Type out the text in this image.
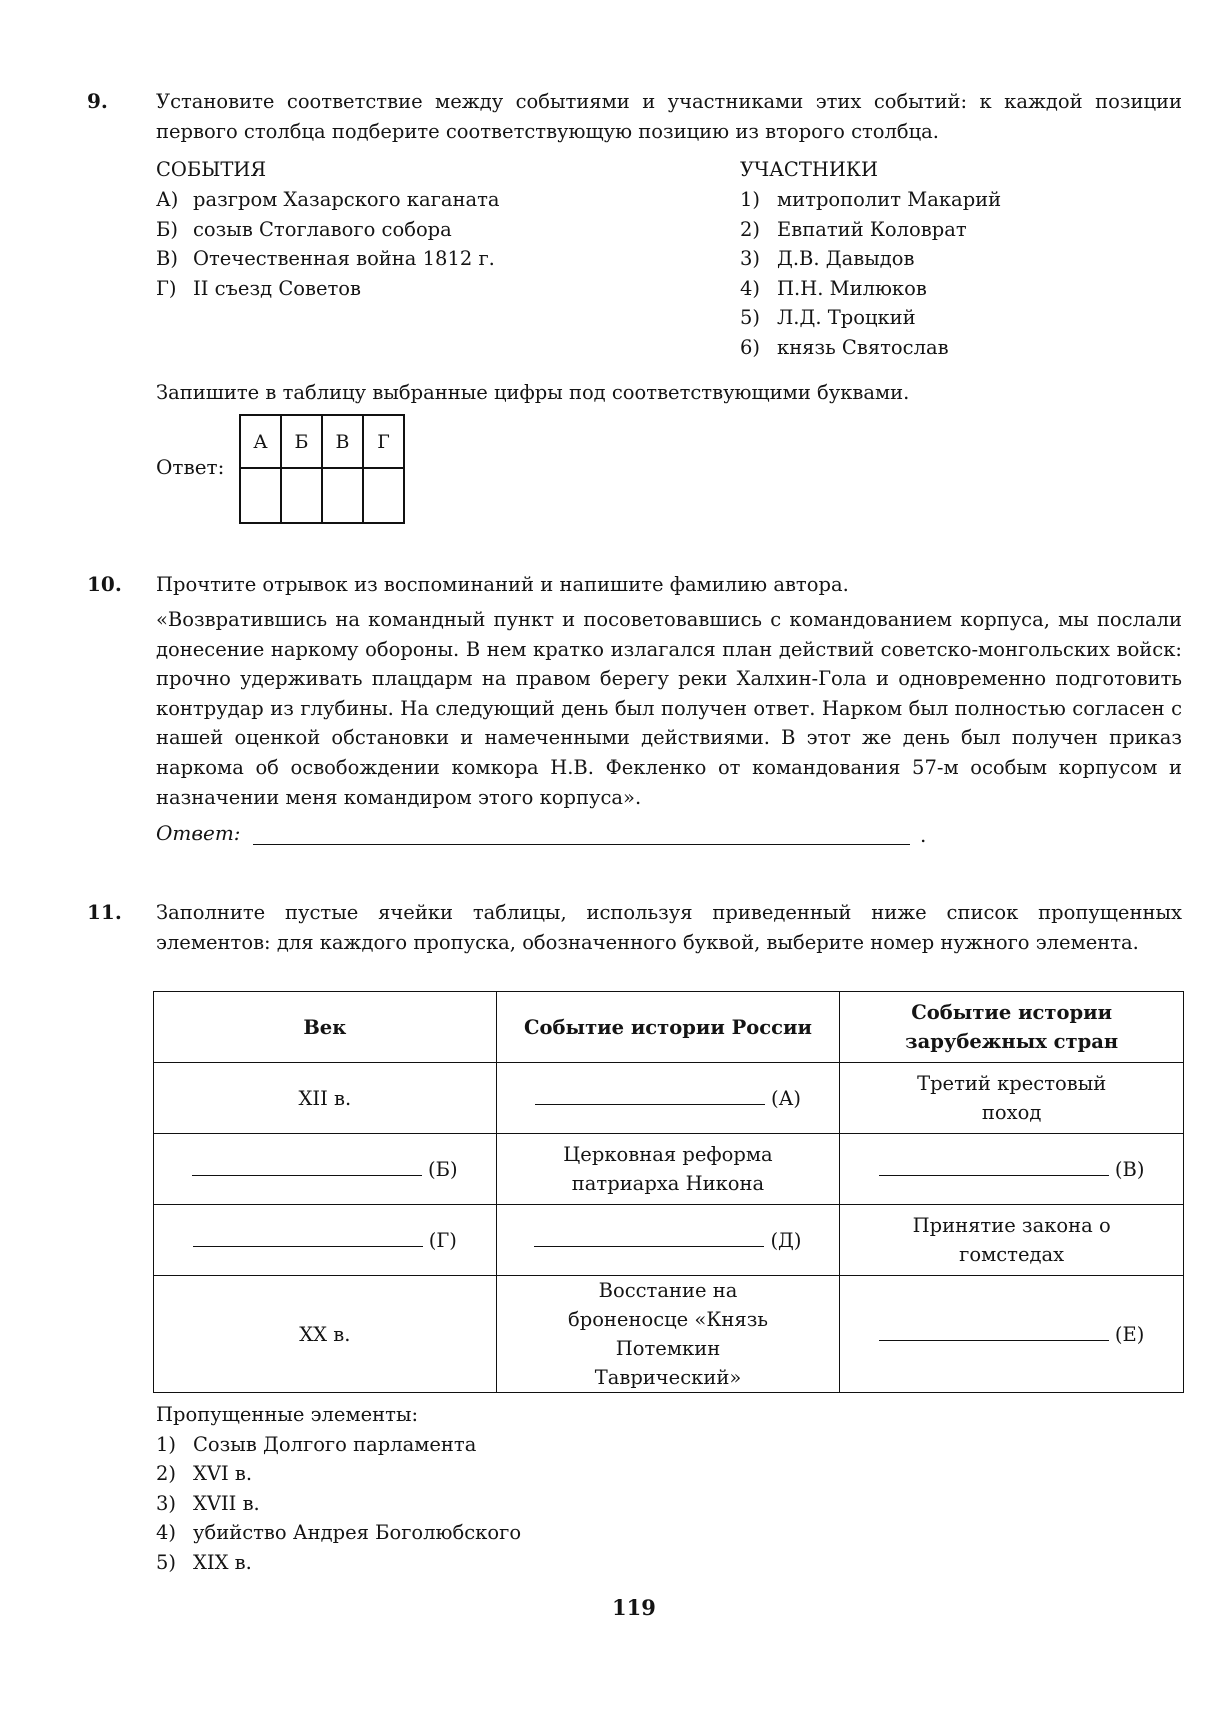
9. Установите соответствие между событиями и участниками этих событий: к каждой позиции первого столбца подберите соответствующую позицию из второго столбца.
СОБЫТИЯ
А) разгром Хазарского каганата
Б) созыв Стоглавого собора
В) Отечественная война 1812 г.
Г) II съезд Советов
УЧАСТНИКИ
1) митрополит Макарий
2) Евпатий Коловрат
3) Д.В. Давыдов
4) П.Н. Милюков
5) Л.Д. Троцкий
6) князь Святослав
Запишите в таблицу выбранные цифры под соответствующими буквами.
Ответ:
А	Б	В	Г

10. Прочтите отрывок из воспоминаний и напишите фамилию автора.
«Возвратившись на командный пункт и посоветовавшись с командованием корпуса, мы послали донесение наркому обороны. В нем кратко излагался план действий советско-монгольских войск: прочно удерживать плацдарм на правом берегу реки Халхин-Гола и одновременно подготовить контрудар из глубины. На следующий день был получен ответ. Нарком был полностью согласен с нашей оценкой обстановки и намеченными действиями. В этот же день был получен приказ наркома об освобождении комкора Н.В. Фекленко от командования 57-м особым корпусом и назначении меня командиром этого корпуса».
Ответ:	.
11. Заполните пустые ячейки таблицы, используя приведенный ниже список пропущенных элементов: для каждого пропуска, обозначенного буквой, выберите номер нужного элемента.
Век	Событие истории России	Событие истории зарубежных стран
XII в.	(А)	Третий крестовый поход

(Б)	Церковная реформа патриарха Никона	(В)

(Г)	(Д)	Принятие закона о гомстедах
XX в.	Восстание на броненосце «Князь Потемкин Таврический»	(Е)
Пропущенные элементы:
1) Созыв Долгого парламента
2) XVI в.
3) XVII в.
4) убийство Андрея Боголюбского
5) XIX в.
119
